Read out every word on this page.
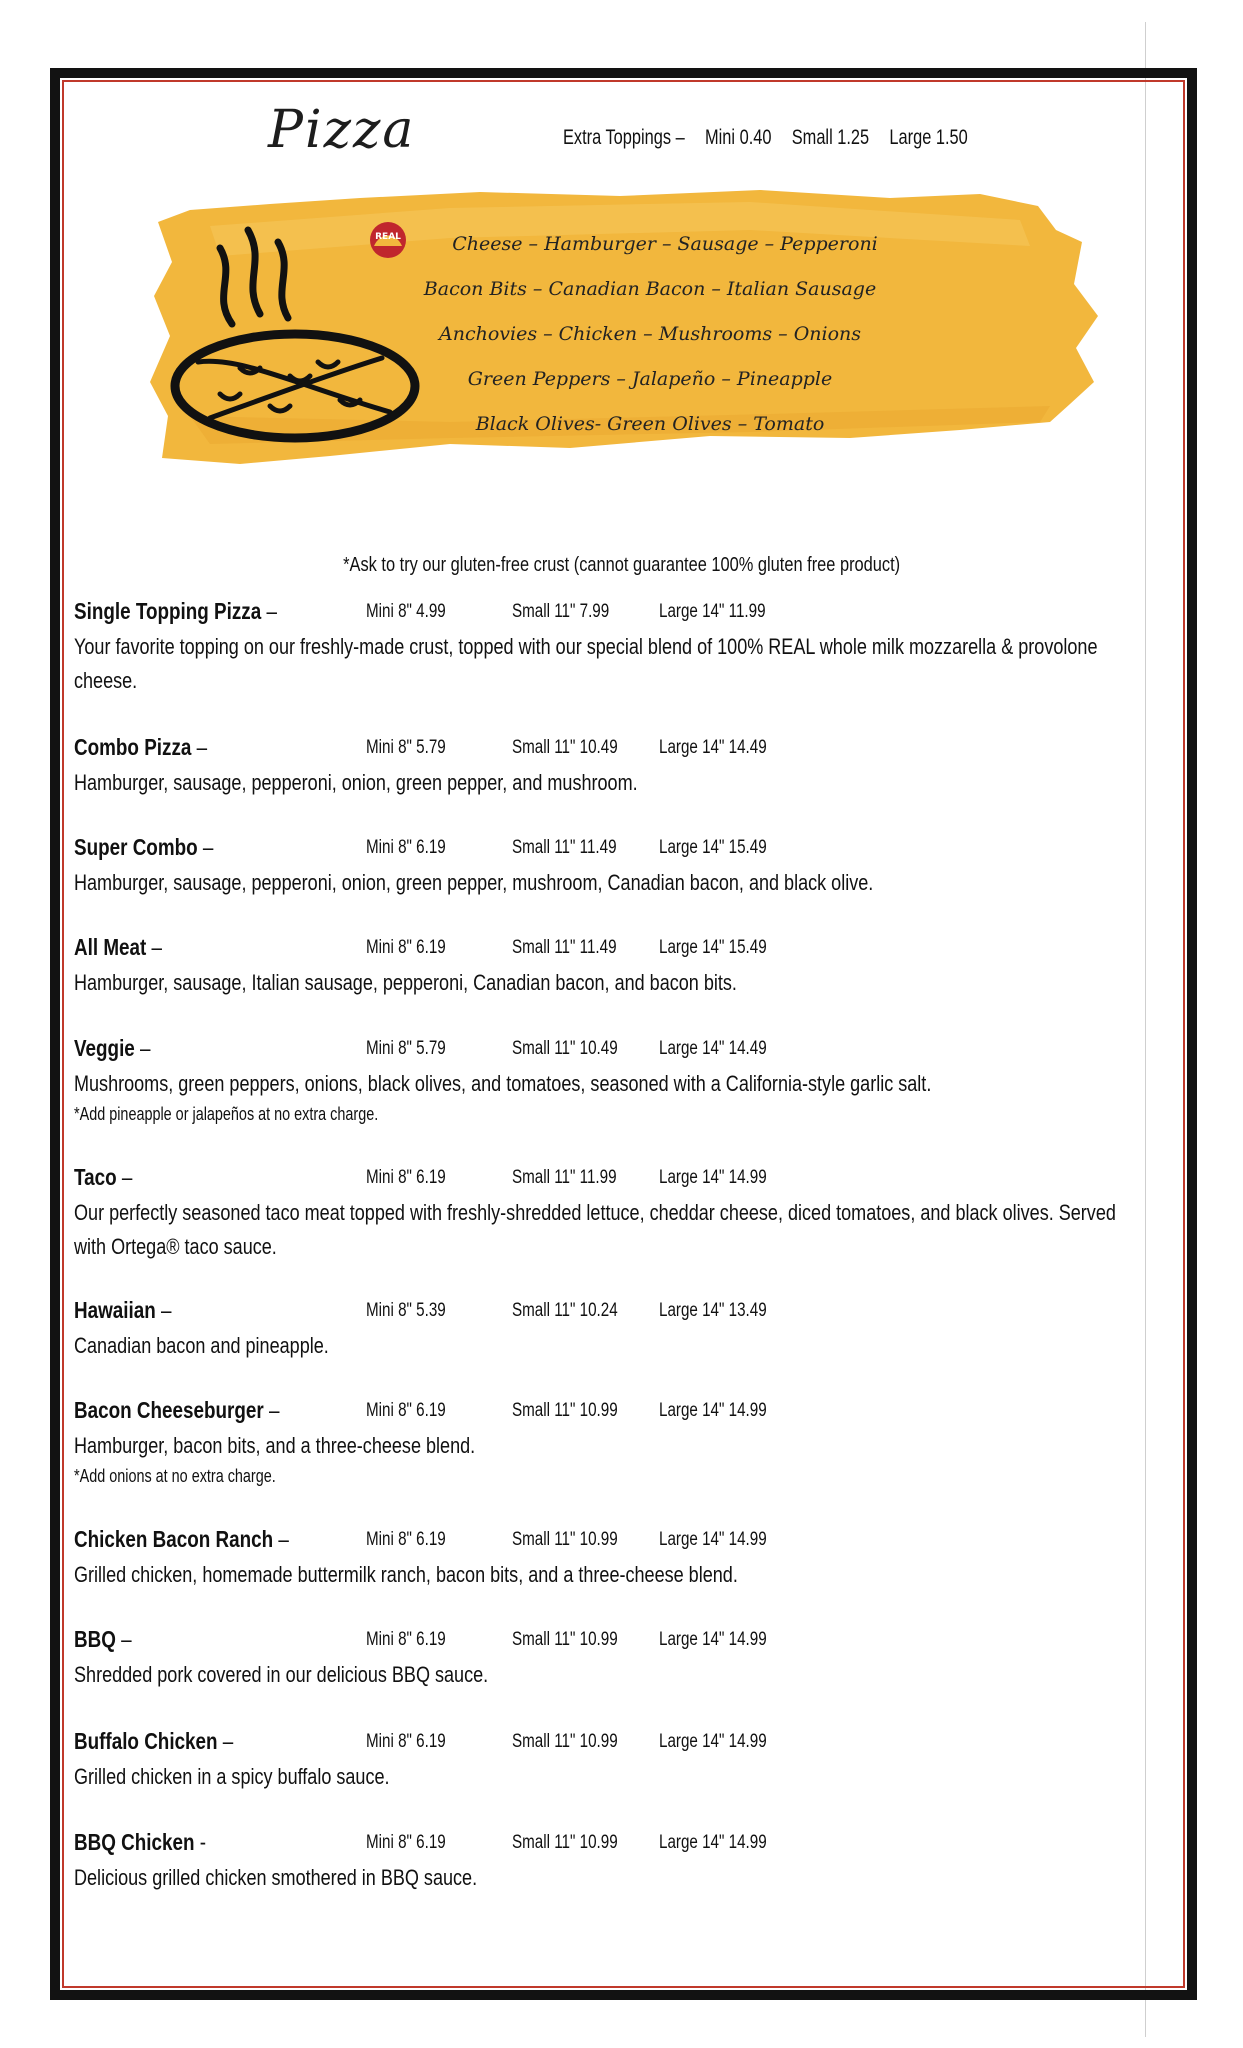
Pizza	Extra Toppings – Mini 0.40 Small 1.25 Large 1.50
REAL	Cheese – Hamburger – Sausage – Pepperoni
Bacon Bits – Canadian Bacon – Italian Sausage
Anchovies – Chicken – Mushrooms – Onions
Green Peppers – Jalapeño – Pineapple
Black Olives- Green Olives – Tomato
*Ask to try our gluten-free crust (cannot guarantee 100% gluten free product)
Single Topping Pizza –	Mini 8" 4.99	Small 11" 7.99	Large 14" 11.99
Your favorite topping on our freshly-made crust, topped with our special blend of 100% REAL whole milk mozzarella & provolone cheese.
Combo Pizza –	Mini 8" 5.79	Small 11" 10.49 Large 14" 14.49
Hamburger, sausage, pepperoni, onion, green pepper, and mushroom.
Super Combo –	Mini 8" 6.19	Small 11" 11.49 Large 14" 15.49
Hamburger, sausage, pepperoni, onion, green pepper, mushroom, Canadian bacon, and black olive.
All Meat –	Mini 8" 6.19	Small 11" 11.49 Large 14" 15.49
Hamburger, sausage, Italian sausage, pepperoni, Canadian bacon, and bacon bits.
Veggie –	Mini 8" 5.79	Small 11" 10.49 Large 14" 14.49
Mushrooms, green peppers, onions, black olives, and tomatoes, seasoned with a California-style garlic salt.
*Add pineapple or jalapeños at no extra charge.
Taco –	Mini 8" 6.19	Small 11" 11.99 Large 14" 14.99
Our perfectly seasoned taco meat topped with freshly-shredded lettuce, cheddar cheese, diced tomatoes, and black olives. Served with Ortega® taco sauce.
Hawaiian –	Mini 8" 5.39	Small 11" 10.24 Large 14" 13.49
Canadian bacon and pineapple.
Bacon Cheeseburger –	Mini 8" 6.19	Small 11" 10.99 Large 14" 14.99
Hamburger, bacon bits, and a three-cheese blend.
*Add onions at no extra charge.
Chicken Bacon Ranch –	Mini 8" 6.19	Small 11" 10.99 Large 14" 14.99
Grilled chicken, homemade buttermilk ranch, bacon bits, and a three-cheese blend.
BBQ –	Mini 8" 6.19	Small 11" 10.99 Large 14" 14.99
Shredded pork covered in our delicious BBQ sauce.
Buffalo Chicken –	Mini 8" 6.19	Small 11" 10.99 Large 14" 14.99
Grilled chicken in a spicy buffalo sauce.
BBQ Chicken -	Mini 8" 6.19	Small 11" 10.99 Large 14" 14.99
Delicious grilled chicken smothered in BBQ sauce.
